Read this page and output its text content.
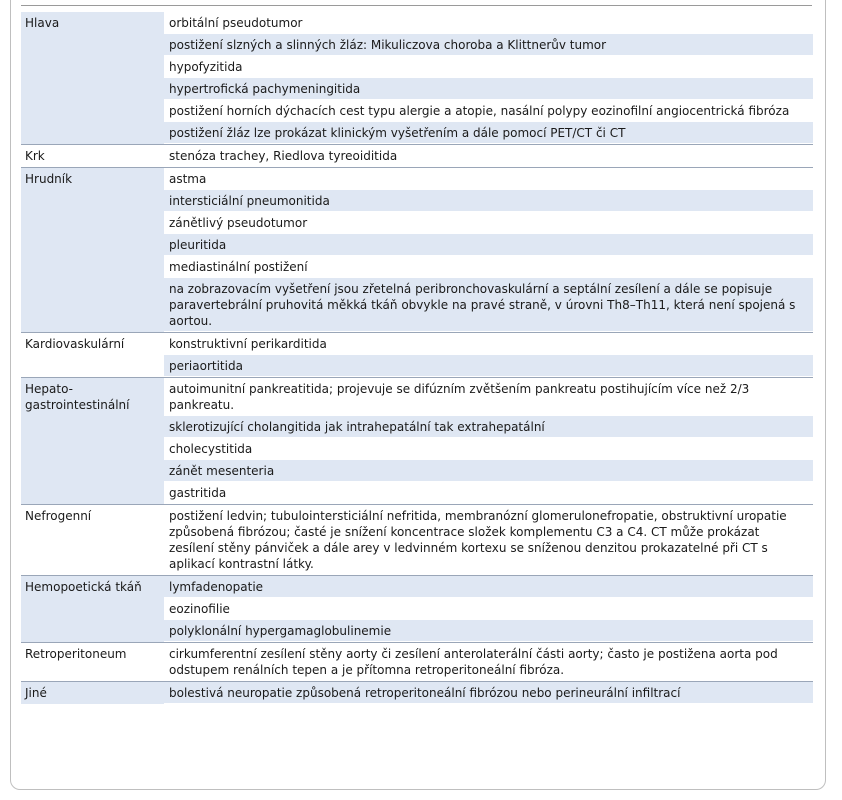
Hlava	orbitální pseudotumor
	postižení slzných a slinných žláz: Mikuliczova choroba a Klittnerův tumor
	hypofyzitida
	hypertrofická pachymeningitida
	postižení horních dýchacích cest typu alergie a atopie, nasální polypy eozinofilní angiocentrická fibróza
	postižení žláz lze prokázat klinickým vyšetřením a dále pomocí PET/CT či CT
Krk	stenóza trachey, Riedlova tyreoiditida
Hrudník	astma
	intersticiální pneumonitida
	zánětlivý pseudotumor
	pleuritida
	mediastinální postižení
	na zobrazovacím vyšetření jsou zřetelná peribronchovaskulární a septální zesílení a dále se popisuje paravertebrální pruhovitá měkká tkáň obvykle na pravé straně, v úrovni Th8–Th11, která není spojená s aortou.
Kardiovaskulární	konstruktivní perikarditida
	periaortitida
Hepato-gastrointestinální	autoimunitní pankreatitida; projevuje se difúzním zvětšením pankreatu postihujícím více než 2/3 pankreatu.
	sklerotizující cholangitida jak intrahepatální tak extrahepatální
	cholecystitida
	zánět mesenteria
	gastritida
Nefrogenní	postižení ledvin; tubulointersticiální nefritida, membranózní glomerulonefropatie, obstruktivní uropatie způsobená fibrózou; časté je snížení koncentrace složek komplementu C3 a C4. CT může prokázat zesílení stěny pánviček a dále arey v ledvinném kortexu se sníženou denzitou prokazatelné při CT s aplikací kontrastní látky.
Hemopoetická tkáň	lymfadenopatie
	eozinofilie
	polyklonální hypergamaglobulinemie
Retroperitoneum	cirkumferentní zesílení stěny aorty či zesílení anterolaterální části aorty; často je postižena aorta pod odstupem renálních tepen a je přítomna retroperitoneální fibróza.
Jiné	bolestivá neuropatie způsobená retroperitoneální fibrózou nebo perineurální infiltrací
